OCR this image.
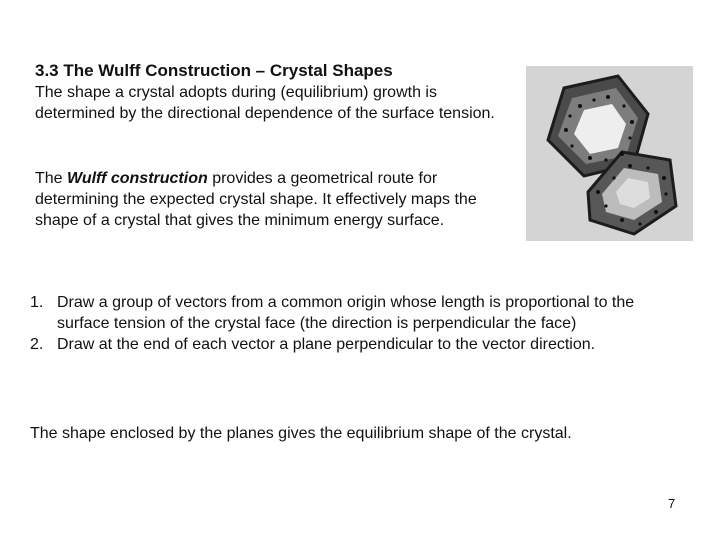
3.3 The Wulff Construction – Crystal Shapes

The shape a crystal adopts during (equilibrium) growth is determined by the directional dependence of the surface tension.

The Wulff construction provides a geometrical route for determining the expected crystal shape. It effectively maps the shape of a crystal that gives the minimum energy surface.

1. Draw a group of vectors from a common origin whose length is proportional to the surface tension of the crystal face (the direction is perpendicular the face)
2. Draw at the end of each vector a plane perpendicular to the vector direction.

The shape enclosed by the planes gives the equilibrium shape of the crystal.

7
